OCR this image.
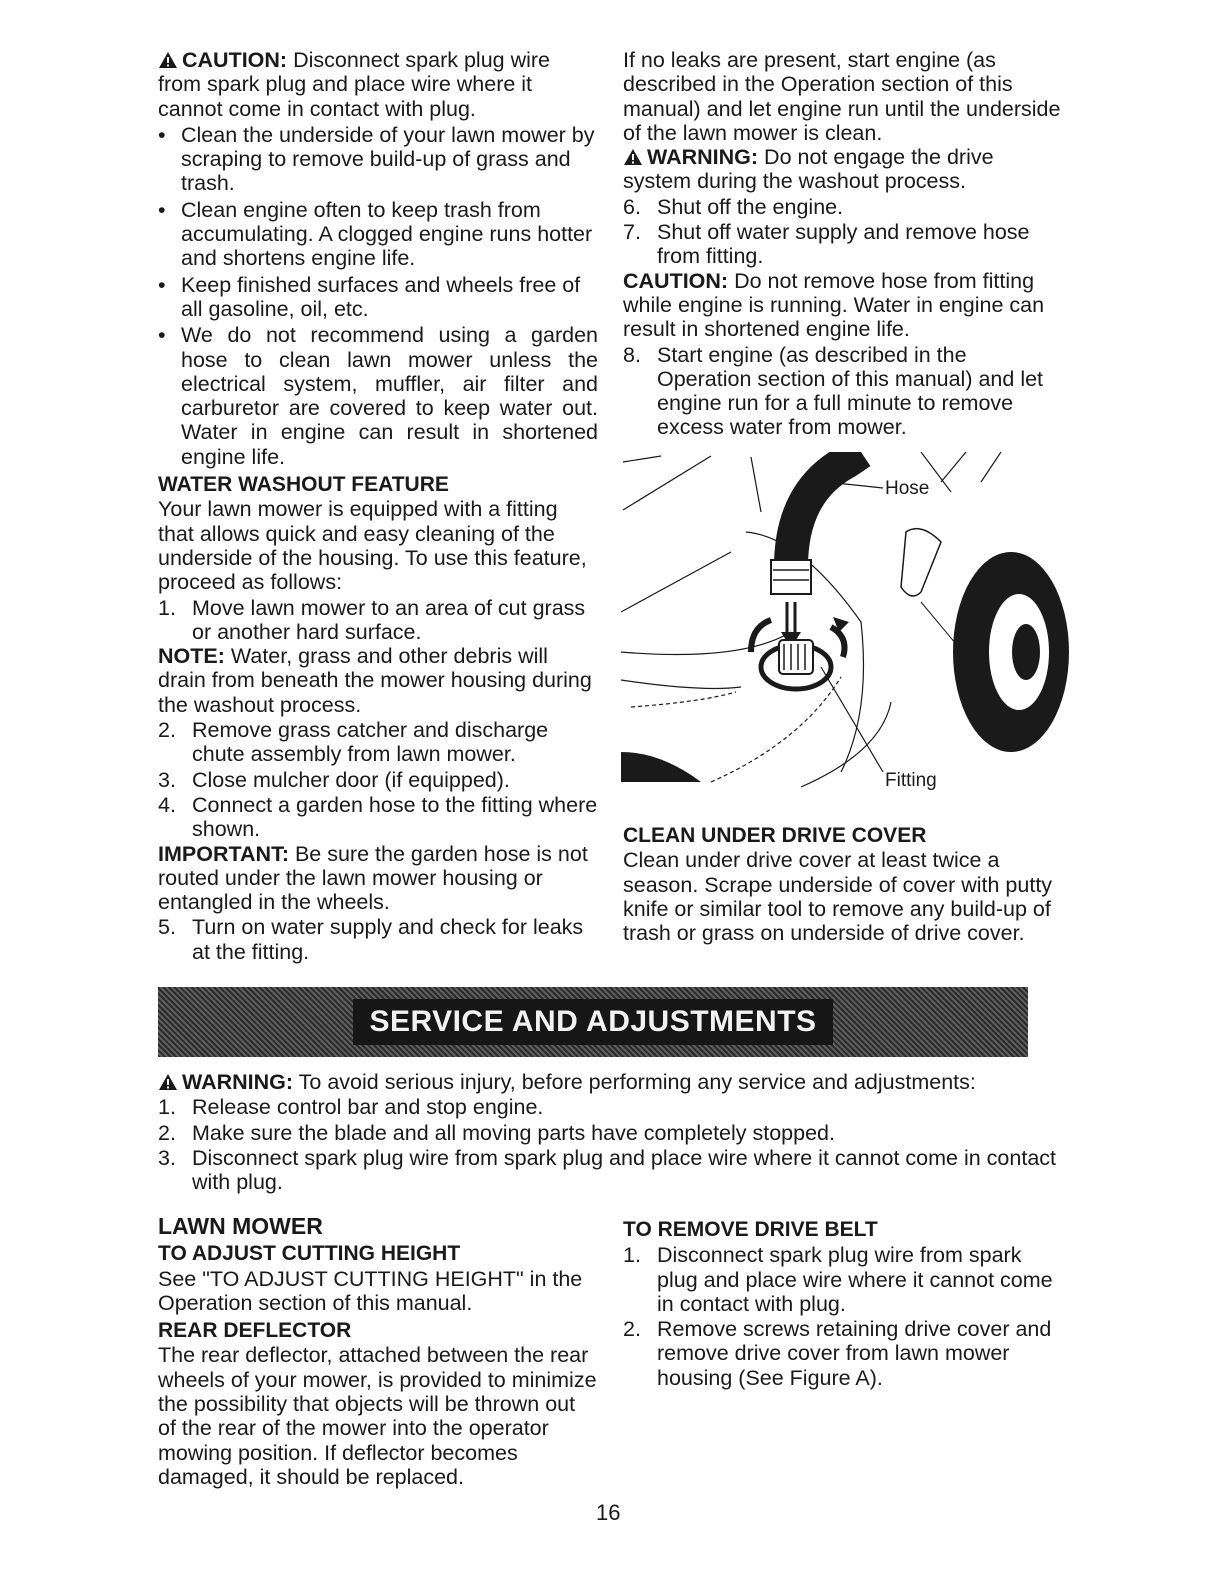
CAUTION: Disconnect spark plug wire from spark plug and place wire where it cannot come in contact with plug.

• Clean the underside of your lawn mower by scraping to remove build-up of grass and trash.
• Clean engine often to keep trash from accumulating. A clogged engine runs hotter and shortens engine life.
• Keep finished surfaces and wheels free of all gasoline, oil, etc.
• We do not recommend using a garden hose to clean lawn mower unless the electrical system, muffler, air filter and carburetor are covered to keep water out. Water in engine can result in shortened engine life.

WATER WASHOUT FEATURE

Your lawn mower is equipped with a fitting that allows quick and easy cleaning of the underside of the housing. To use this feature, proceed as follows:

1. Move lawn mower to an area of cut grass or another hard surface.

NOTE: Water, grass and other debris will drain from beneath the mower housing during the washout process.

2. Remove grass catcher and discharge chute assembly from lawn mower.
3. Close mulcher door (if equipped).
4. Connect a garden hose to the fitting where shown.

IMPORTANT: Be sure the garden hose is not routed under the lawn mower housing or entangled in the wheels.

5. Turn on water supply and check for leaks at the fitting.

If no leaks are present, start engine (as described in the Operation section of this manual) and let engine run until the underside of the lawn mower is clean.

WARNING: Do not engage the drive system during the washout process.

6. Shut off the engine.
7. Shut off water supply and remove hose from fitting.

CAUTION: Do not remove hose from fitting while engine is running. Water in engine can result in shortened engine life.

8. Start engine (as described in the Operation section of this manual) and let engine run for a full minute to remove excess water from mower.
Hose
Fitting

CLEAN UNDER DRIVE COVER

Clean under drive cover at least twice a season. Scrape underside of cover with putty knife or similar tool to remove any build-up of trash or grass on underside of drive cover.

SERVICE AND ADJUSTMENTS

WARNING: To avoid serious injury, before performing any service and adjustments:

1. Release control bar and stop engine.
2. Make sure the blade and all moving parts have completely stopped.
3. Disconnect spark plug wire from spark plug and place wire where it cannot come in contact with plug.

LAWN MOWER

TO ADJUST CUTTING HEIGHT

See "TO ADJUST CUTTING HEIGHT" in the Operation section of this manual.

REAR DEFLECTOR

The rear deflector, attached between the rear wheels of your mower, is provided to minimize the possibility that objects will be thrown out of the rear of the mower into the operator mowing position. If deflector becomes damaged, it should be replaced.

TO REMOVE DRIVE BELT

1. Disconnect spark plug wire from spark plug and place wire where it cannot come in contact with plug.
2. Remove screws retaining drive cover and remove drive cover from lawn mower housing (See Figure A).
16
